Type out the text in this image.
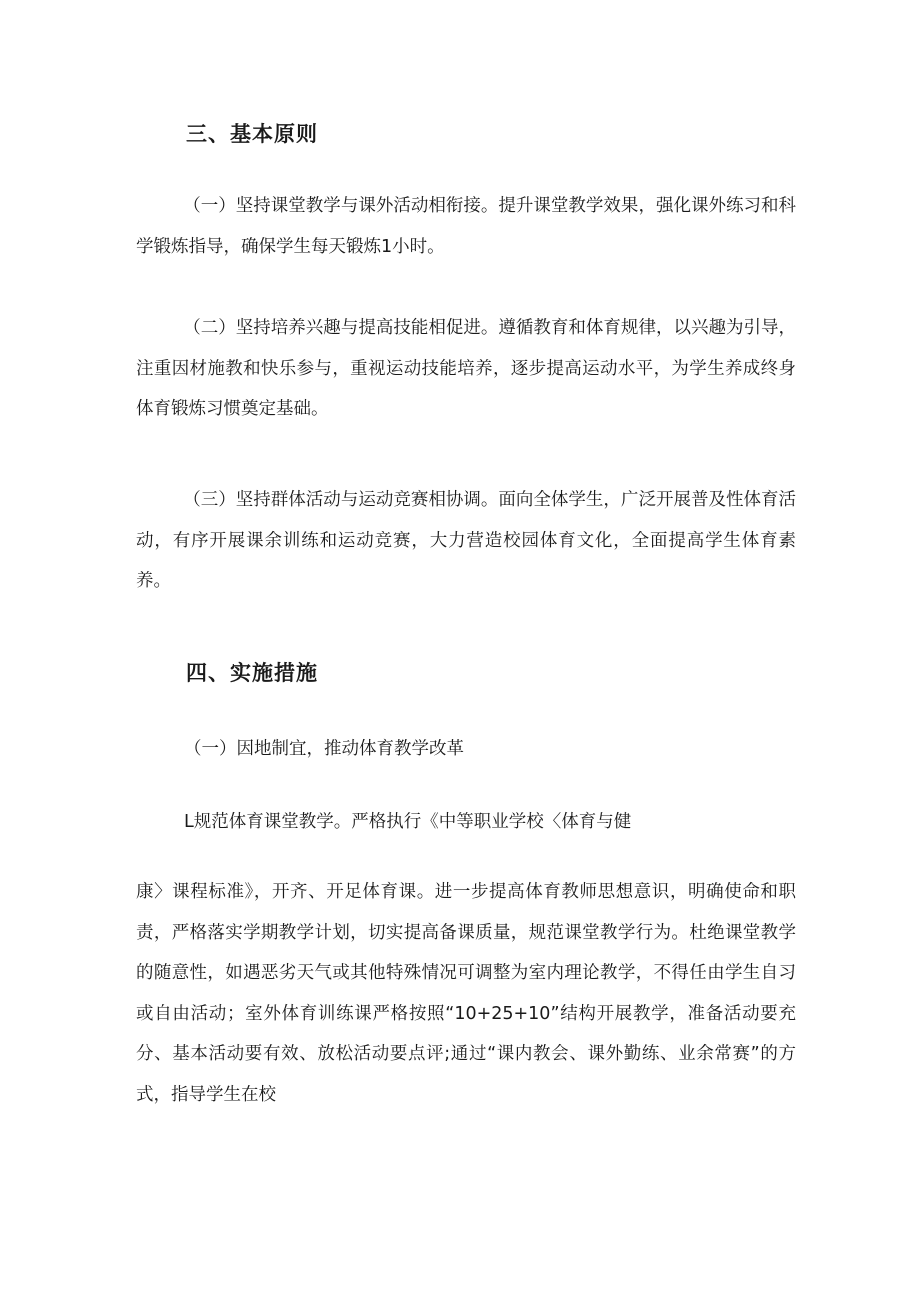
三、基本原则

（一）坚持课堂教学与课外活动相衔接。提升课堂教学效果，强化课外练习和科学锻炼指导，确保学生每天锻炼1小时。

（二）坚持培养兴趣与提高技能相促进。遵循教育和体育规律，以兴趣为引导，注重因材施教和快乐参与，重视运动技能培养，逐步提高运动水平，为学生养成终身体育锻炼习惯奠定基础。

（三）坚持群体活动与运动竞赛相协调。面向全体学生，广泛开展普及性体育活动，有序开展课余训练和运动竞赛，大力营造校园体育文化，全面提高学生体育素养。

四、实施措施

（一）因地制宜，推动体育教学改革

L规范体育课堂教学。严格执行《中等职业学校〈体育与健

康〉课程标准》，开齐、开足体育课。进一步提高体育教师思想意识，明确使命和职责，严格落实学期教学计划，切实提高备课质量，规范课堂教学行为。杜绝课堂教学的随意性，如遇恶劣天气或其他特殊情况可调整为室内理论教学，不得任由学生自习或自由活动；室外体育训练课严格按照“10+25+10”结构开展教学，准备活动要充分、基本活动要有效、放松活动要点评;通过“课内教会、课外勤练、业余常赛”的方式，指导学生在校
